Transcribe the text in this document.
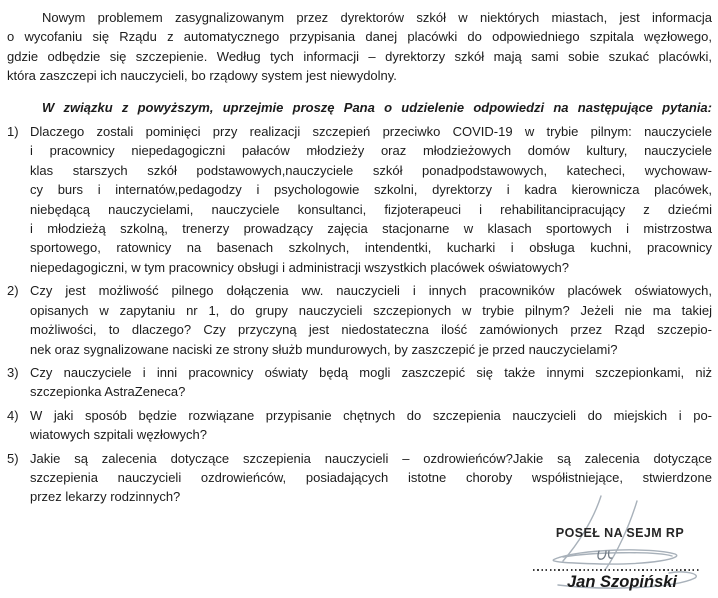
Nowym problemem zasygnalizowanym przez dyrektorów szkół w niektórych miastach, jest informacja
o wycofaniu się Rządu z automatycznego przypisania danej placówki do odpowiedniego szpitala węzłowego,
gdzie odbędzie się szczepienie. Według tych informacji – dyrektorzy szkół mają sami sobie szukać placówki,
która zaszczepi ich nauczycieli, bo rządowy system jest niewydolny.
W związku z powyższym, uprzejmie proszę Pana o udzielenie odpowiedzi na następujące pytania:
1) Dlaczego zostali pominięci przy realizacji szczepień przeciwko COVID-19 w trybie pilnym: nauczyciele
i pracownicy niepedagogiczni pałaców młodzieży oraz młodzieżowych domów kultury, nauczyciele
klas starszych szkół podstawowych,nauczyciele szkół ponadpodstawowych, katecheci, wychowaw-
cy burs i internatów,pedagodzy i psychologowie szkolni, dyrektorzy i kadra kierownicza placówek,
niebędącą nauczycielami, nauczyciele konsultanci, fizjoterapeuci i rehabilitancipracujący z dziećmi
i młodzieżą szkolną, trenerzy prowadzący zajęcia stacjonarne w klasach sportowych i mistrzostwa
sportowego, ratownicy na basenach szkolnych, intendentki, kucharki i obsługa kuchni, pracownicy
niepedagogiczni, w tym pracownicy obsługi i administracji wszystkich placówek oświatowych?
2) Czy jest możliwość pilnego dołączenia ww. nauczycieli i innych pracowników placówek oświatowych,
opisanych w zapytaniu nr 1, do grupy nauczycieli szczepionych w trybie pilnym? Jeżeli nie ma takiej
możliwości, to dlaczego? Czy przyczyną jest niedostateczna ilość zamówionych przez Rząd szczepio-
nek oraz sygnalizowane naciski ze strony służb mundurowych, by zaszczepić je przed nauczycielami?
3) Czy nauczyciele i inni pracownicy oświaty będą mogli zaszczepić się także innymi szczepionkami, niż
szczepionka AstraZeneca?
4) W jaki sposób będzie rozwiązane przypisanie chętnych do szczepienia nauczycieli do miejskich i po-
wiatowych szpitali węzłowych?
5) Jakie są zalecenia dotyczące szczepienia nauczycieli – ozdrowieńców?Jakie są zalecenia dotyczące
szczepienia nauczycieli ozdrowieńców, posiadających istotne choroby współistniejące, stwierdzone
przez lekarzy rodzinnych?
POSEŁ NA SEJM RP
Jan Szopiński
